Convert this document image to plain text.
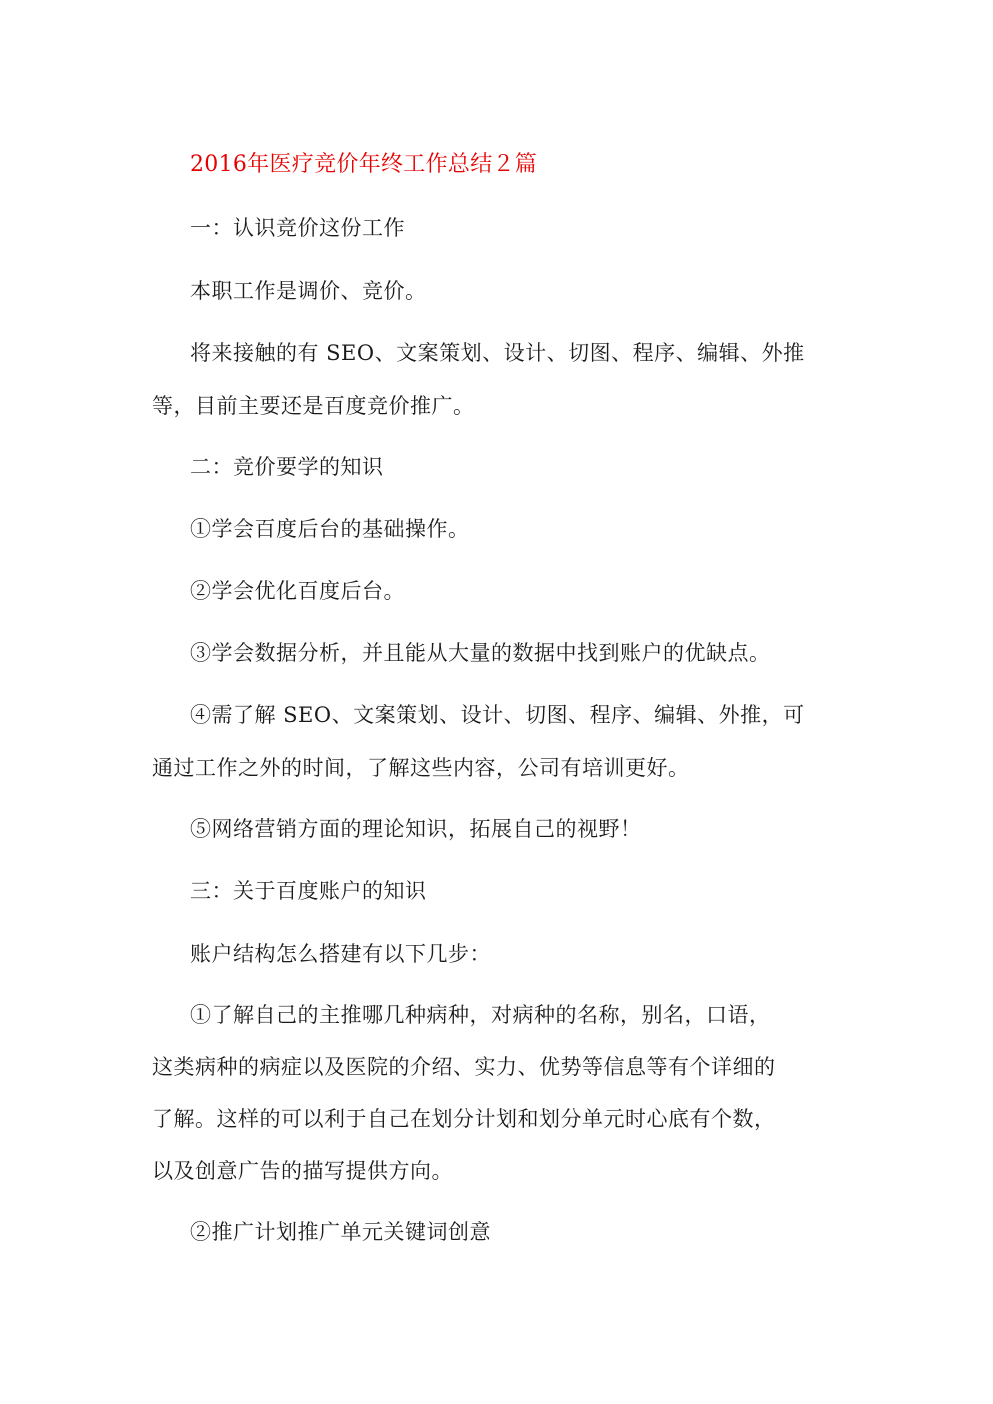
2016年医疗竞价年终工作总结２篇

一：认识竞价这份工作

本职工作是调价、竞价。

将来接触的有 SEO、文案策划、设计、切图、程序、编辑、外推

等，目前主要还是百度竞价推广。

二：竞价要学的知识

①学会百度后台的基础操作。

②学会优化百度后台。

③学会数据分析，并且能从大量的数据中找到账户的优缺点。

④需了解 SEO、文案策划、设计、切图、程序、编辑、外推，可

通过工作之外的时间，了解这些内容，公司有培训更好。

⑤网络营销方面的理论知识，拓展自己的视野！

三：关于百度账户的知识

账户结构怎么搭建有以下几步：

①了解自己的主推哪几种病种，对病种的名称，别名，口语，

这类病种的病症以及医院的介绍、实力、优势等信息等有个详细的

了解。这样的可以利于自己在划分计划和划分单元时心底有个数，

以及创意广告的描写提供方向。

②推广计划推广单元关键词创意
